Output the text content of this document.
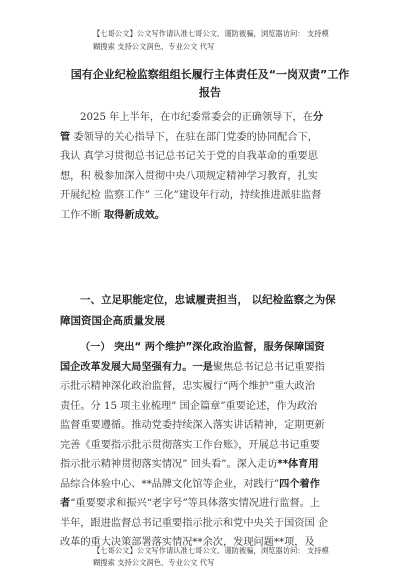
【七哥公文】公文写作请认准七哥公文、谨防被骗，浏览器访问： 支持模
糊搜索 支持公文润色、专业公文 代写
国有企业纪检监察组组长履行主体责任及“一岗双责”工作
报告
2025 年上半年，在市纪委常委会的正确领导下，在分
管 委领导的关心指导下，在驻在部门党委的协同配合下，
我认 真学习贯彻总书记总书记关于党的自我革命的重要思
想，积 极参加深入贯彻中央八项规定精神学习教育，扎实
开展纪检 监察工作” 三化”建设年行动，持续推进派驻监督
工作不断 取得新成效。
一、立足职能定位，忠诚履责担当， 以纪检监察之为保
障国资国企高质量发展
（一） 突出“ 两个维护”深化政治监督，服务保障国资
国企改革发展大局坚强有力。一是聚焦总书记总书记重要指
示批示精神深化政治监督，忠实履行“两个维护”重大政治
责任。分 15 项主业梳理” 国企篇章”重要论述，作为政治
监督重要遵循。推动党委持续深入落实讲话精神，定期更新
完善《重要指示批示贯彻落实工作台账》，开展总书记重要
指示批示精神贯彻落实情况” 回头看”。深入走访**体育用
品综合体验中心、**品牌文化馆等企业，对践行”四个着作
者“重要要求和振兴“老字号”等具体落实情况进行监督。上
半年，跟进监督总书记重要指示批示和党中央关于国资国 企
改革的重大决策部署落实情况**余次，发现问题**项，及
【七哥公文】公文写作请认准七哥公文、谨防被骗，浏览器访问： 支持模
糊搜索 支持公文润色、专业公文 代写
